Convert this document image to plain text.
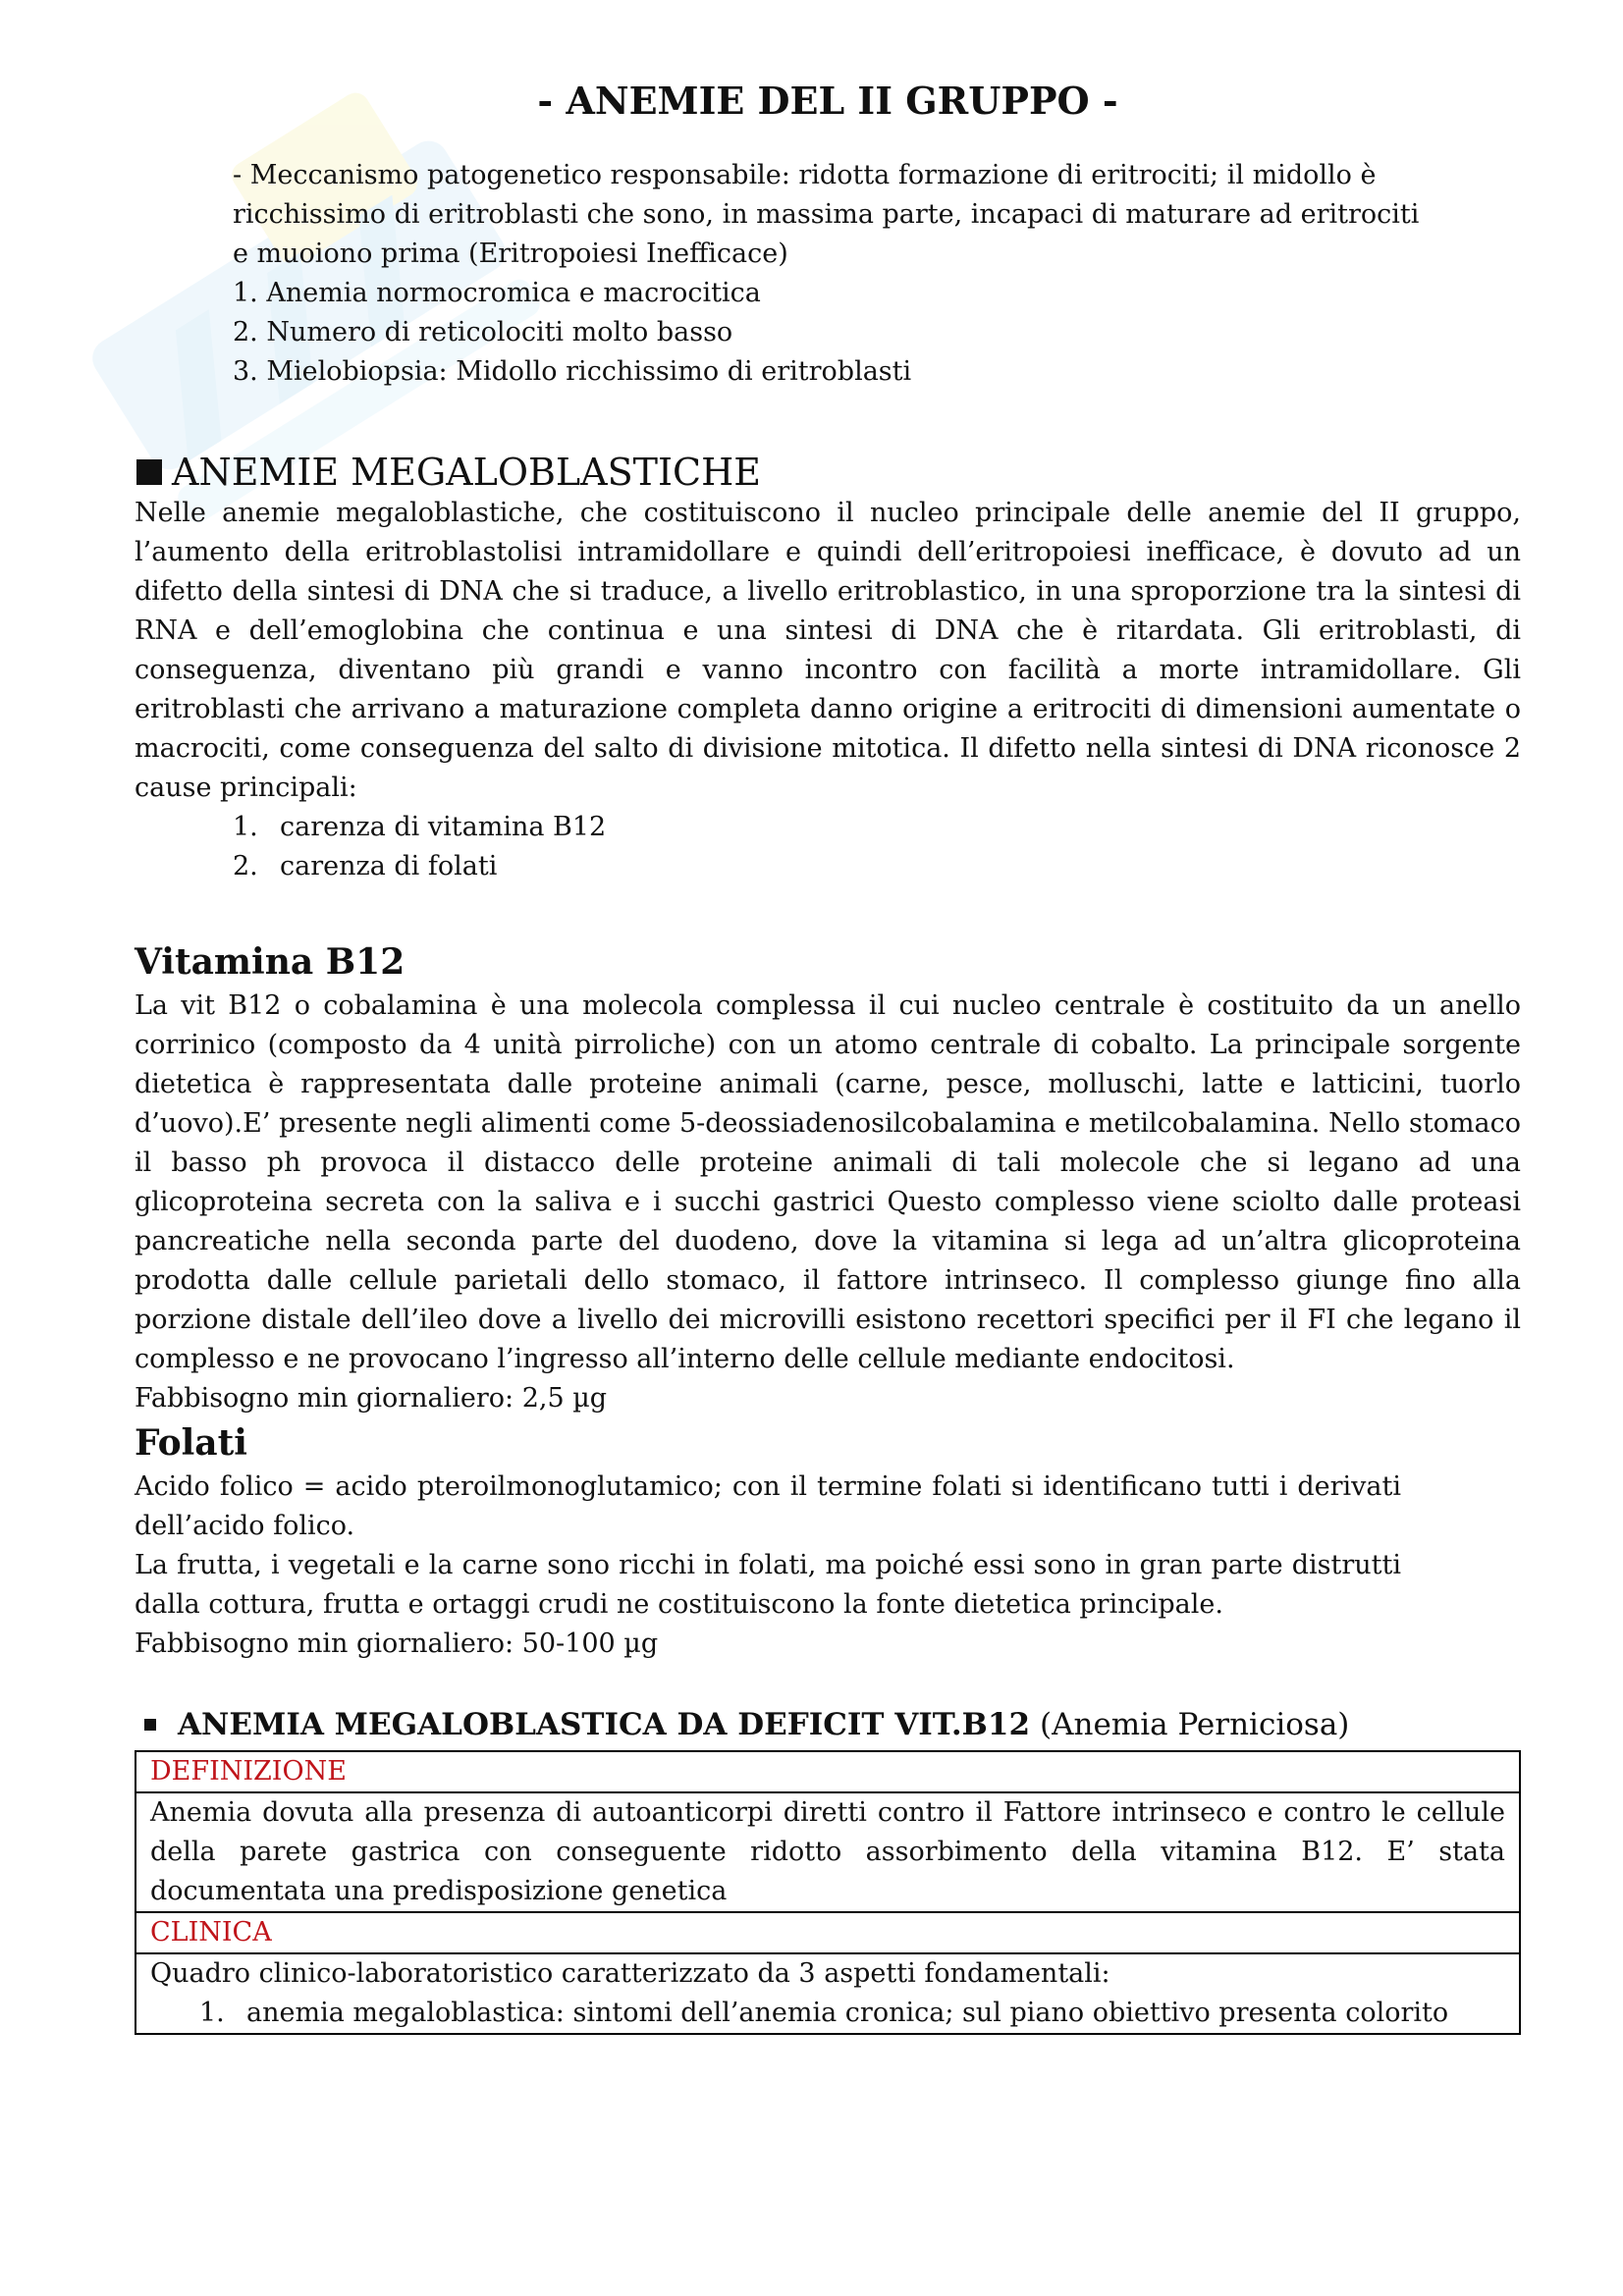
- ANEMIE DEL II GRUPPO -

- Meccanismo patogenetico responsabile: ridotta formazione di eritrociti; il midollo è ricchissimo di eritroblasti che sono, in massima parte, incapaci di maturare ad eritrociti e muoiono prima (Eritropoiesi Inefficace)

1. Anemia normocromica e macrocitica

2. Numero di reticolociti molto basso

3. Mielobiopsia: Midollo ricchissimo di eritroblasti

ANEMIE MEGALOBLASTICHE

Nelle anemie megaloblastiche, che costituiscono il nucleo principale delle anemie del II gruppo, l’aumento della eritroblastolisi intramidollare e quindi dell’eritropoiesi inefficace, è dovuto ad un difetto della sintesi di DNA che si traduce, a livello eritroblastico, in una sproporzione tra la sintesi di RNA e dell’emoglobina che continua e una sintesi di DNA che è ritardata. Gli eritroblasti, di conseguenza, diventano più grandi e vanno incontro con facilità a morte intramidollare. Gli eritroblasti che arrivano a maturazione completa danno origine a eritrociti di dimensioni aumentate o macrociti, come conseguenza del salto di divisione mitotica. Il difetto nella sintesi di DNA riconosce 2 cause principali:

1. carenza di vitamina B12
2. carenza di folati
Vitamina B12

La vit B12 o cobalamina è una molecola complessa il cui nucleo centrale è costituito da un anello corrinico (composto da 4 unità pirroliche) con un atomo centrale di cobalto. La principale sorgente dietetica è rappresentata dalle proteine animali (carne, pesce, molluschi, latte e latticini, tuorlo d’uovo).E’ presente negli alimenti come 5-deossiadenosilcobalamina e metilcobalamina. Nello stomaco il basso ph provoca il distacco delle proteine animali di tali molecole che si legano ad una glicoproteina secreta con la saliva e i succhi gastrici Questo complesso viene sciolto dalle proteasi pancreatiche nella seconda parte del duodeno, dove la vitamina si lega ad un’altra glicoproteina prodotta dalle cellule parietali dello stomaco, il fattore intrinseco. Il complesso giunge fino alla porzione distale dell’ileo dove a livello dei microvilli esistono recettori specifici per il FI che legano il complesso e ne provocano l’ingresso all’interno delle cellule mediante endocitosi.

Fabbisogno min giornaliero: 2,5 µg

Folati

Acido folico = acido pteroilmonoglutamico; con il termine folati si identificano tutti i derivati dell’acido folico.

La frutta, i vegetali e la carne sono ricchi in folati, ma poiché essi sono in gran parte distrutti dalla cottura, frutta e ortaggi crudi ne costituiscono la fonte dietetica principale.

Fabbisogno min giornaliero: 50-100 µg

ANEMIA MEGALOBLASTICA DA DEFICIT VIT.B12 (Anemia Perniciosa)
DEFINIZIONE
Anemia dovuta alla presenza di autoanticorpi diretti contro il Fattore intrinseco e contro le cellule della parete gastrica con conseguente ridotto assorbimento della vitamina B12. E’ stata documentata una predisposizione genetica
CLINICA

Quadro clinico-laboratoristico caratterizzato da 3 aspetti fondamentali:
1. anemia megaloblastica: sintomi dell’anemia cronica; sul piano obiettivo presenta colorito
